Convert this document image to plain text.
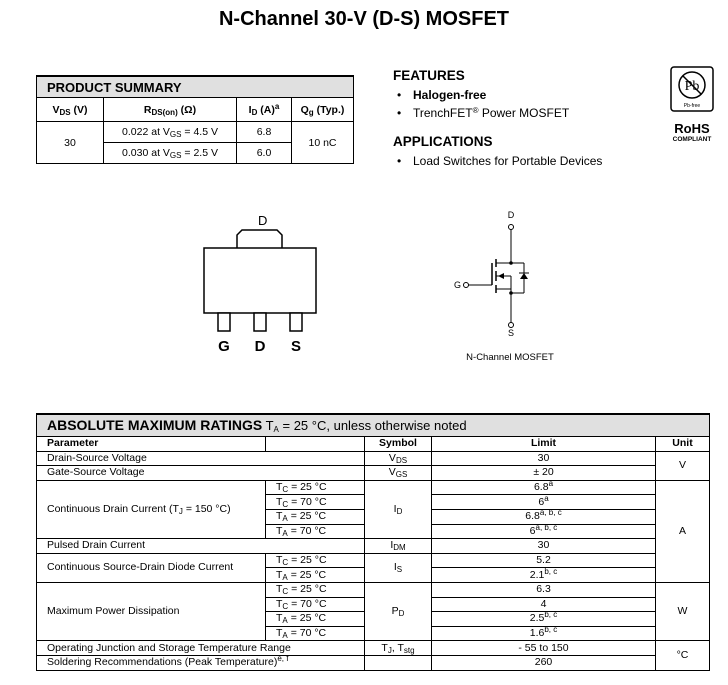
N-Channel 30-V (D-S) MOSFET
PRODUCT SUMMARY			
$V_{DS}$ (V)	$R_{DS(on)}$ (Ω)	$I_D$ $(A)^a$	$Q_g$ (Typ.)
30	0.022 at $V_{GS} = 4.5$ V	6.8	10 nC
	0.030 at $V_{GS} = 2.5$ V	6.0	
FEATURES
• Halogen-free
• TrenchFET® Power MOSFET
APPLICATIONS
• Load Switches for Portable Devices
Pb
Pb-free
RoHS
COMPLIANT
D
G D S
D
G
S
N-Channel MOSFET
ABSOLUTE MAXIMUM RATINGS $T_A = 25$ °C, unless otherwise noted				
Parameter		Symbol	Limit	Unit
Drain-Source Voltage		$V_{DS}$	30	V
Gate-Source Voltage		$V_{GS}$	± 20	
Continuous Drain Current ($T_J = 150$ °C)	$T_C = 25$ °C	$I_D$	6.8$^a$	A
	$T_C = 70$ °C		6$^a$
	$T_A = 25$ °C		6.8$^{a, b, c}$
	$T_A = 70$ °C		6$^{a, b, c}$
Pulsed Drain Current		$I_{DM}$	30	
Continuous Source-Drain Diode Current	$T_C = 25$ °C	$I_S$	5.2	
	$T_A = 25$ °C		2.1$^{b, c}$
Maximum Power Dissipation	$T_C = 25$ °C	$P_D$	6.3	W
	$T_C = 70$ °C		4	
	$T_A = 25$ °C		2.5$^{b, c}$
	$T_A = 70$ °C		1.6$^{b, c}$
Operating Junction and Storage Temperature Range		$T_J$, $T_{stg}$	- 55 to 150	°C
Soldering Recommendations (Peak Temperature)$^{e, f}$			260	
